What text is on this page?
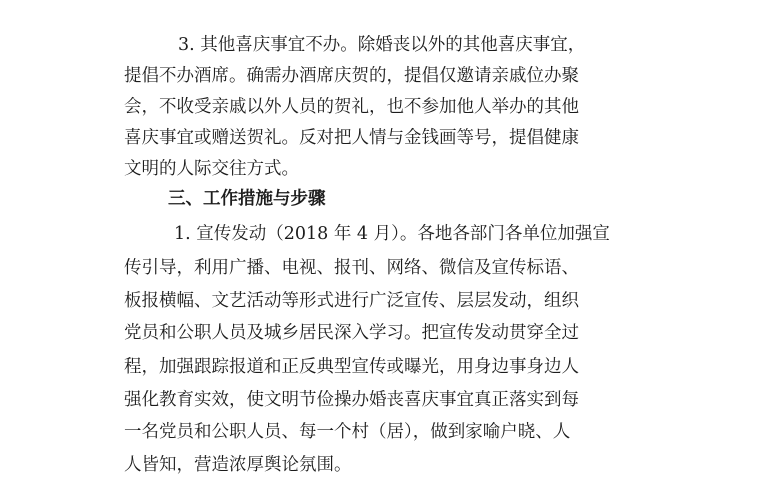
3. 其他喜庆事宜不办。除婚丧以外的其他喜庆事宜，
提倡不办酒席。确需办酒席庆贺的，提倡仅邀请亲戚位办聚
会，不收受亲戚以外人员的贺礼，也不参加他人举办的其他
喜庆事宜或赠送贺礼。反对把人情与金钱画等号，提倡健康
文明的人际交往方式。
三、工作措施与步骤
1. 宣传发动（2018 年 4 月）。各地各部门各单位加强宣
传引导，利用广播、电视、报刊、网络、微信及宣传标语、
板报横幅、文艺活动等形式进行广泛宣传、层层发动，组织
党员和公职人员及城乡居民深入学习。把宣传发动贯穿全过
程，加强跟踪报道和正反典型宣传或曝光，用身边事身边人
强化教育实效，使文明节俭操办婚丧喜庆事宜真正落实到每
一名党员和公职人员、每一个村（居），做到家喻户晓、人
人皆知，营造浓厚舆论氛围。
